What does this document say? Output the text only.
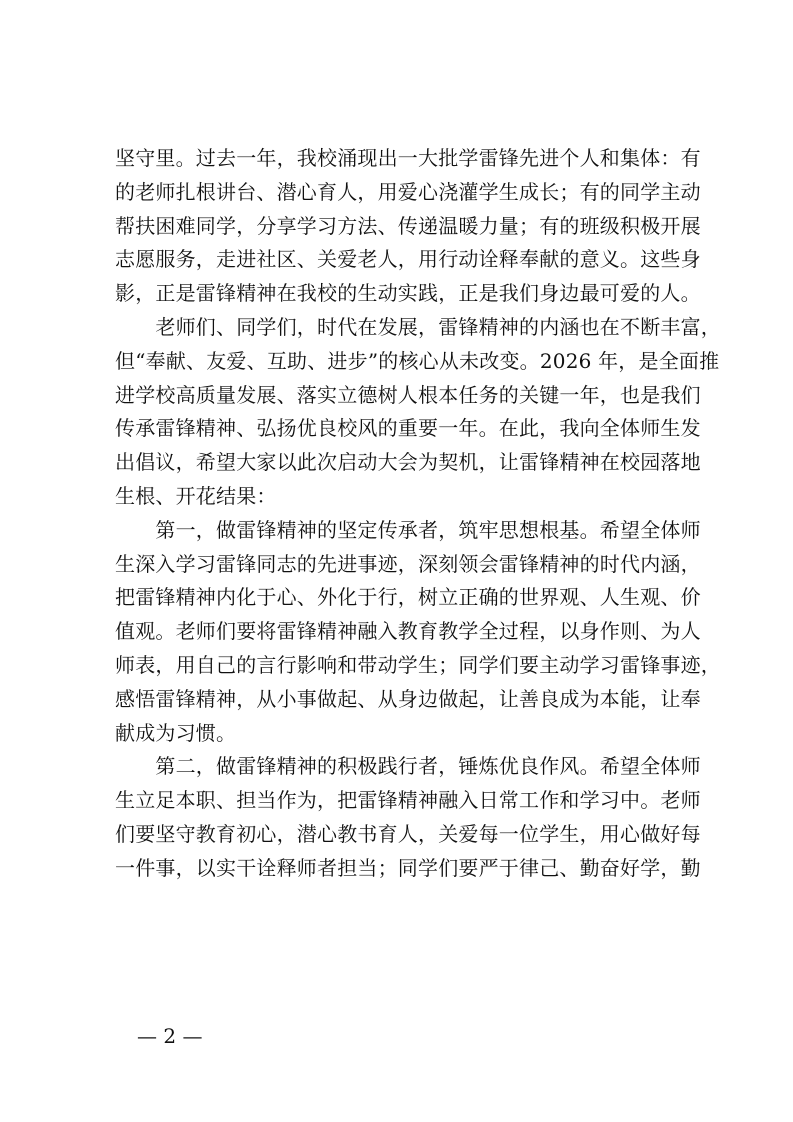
坚守里。过去一年，我校涌现出一大批学雷锋先进个人和集体：有
的老师扎根讲台、潜心育人，用爱心浇灌学生成长；有的同学主动
帮扶困难同学，分享学习方法、传递温暖力量；有的班级积极开展
志愿服务，走进社区、关爱老人，用行动诠释奉献的意义。这些身
影，正是雷锋精神在我校的生动实践，正是我们身边最可爱的人。
　　老师们、同学们，时代在发展，雷锋精神的内涵也在不断丰富，
但“奉献、友爱、互助、进步”的核心从未改变。2026 年，是全面推
进学校高质量发展、落实立德树人根本任务的关键一年，也是我们
传承雷锋精神、弘扬优良校风的重要一年。在此，我向全体师生发
出倡议，希望大家以此次启动大会为契机，让雷锋精神在校园落地
生根、开花结果：
　　第一，做雷锋精神的坚定传承者，筑牢思想根基。希望全体师
生深入学习雷锋同志的先进事迹，深刻领会雷锋精神的时代内涵，
把雷锋精神内化于心、外化于行，树立正确的世界观、人生观、价
值观。老师们要将雷锋精神融入教育教学全过程，以身作则、为人
师表，用自己的言行影响和带动学生；同学们要主动学习雷锋事迹，
感悟雷锋精神，从小事做起、从身边做起，让善良成为本能，让奉
献成为习惯。
　　第二，做雷锋精神的积极践行者，锤炼优良作风。希望全体师
生立足本职、担当作为，把雷锋精神融入日常工作和学习中。老师
们要坚守教育初心，潜心教书育人，关爱每一位学生，用心做好每
一件事，以实干诠释师者担当；同学们要严于律己、勤奋好学，勤
— 2 —
